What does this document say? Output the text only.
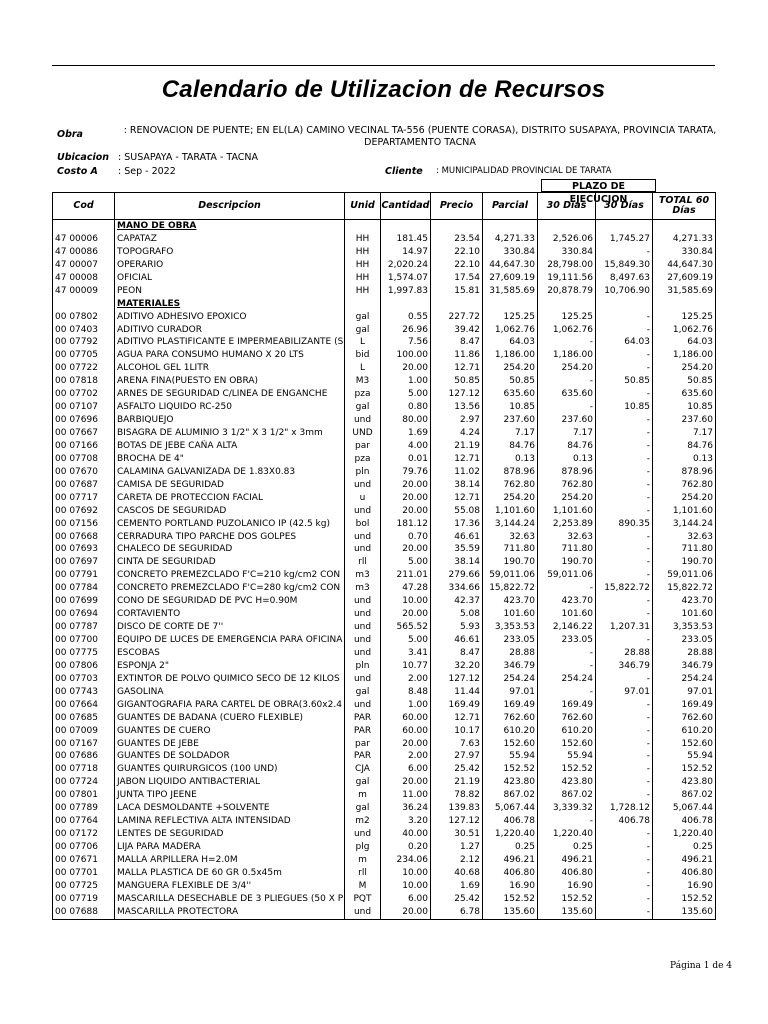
Calendario de Utilizacion de Recursos
Obra	: RENOVACION DE PUENTE; EN EL(LA) CAMINO VECINAL TA-556 (PUENTE CORASA), DISTRITO SUSAPAYA, PROVINCIA TARATA, DEPARTAMENTO TACNA
Ubicacion : SUSAPAYA - TARATA - TACNA
Costo A : Sep - 2022	Cliente : MUNICIPALIDAD PROVINCIAL DE TARATA
PLAZO DE EJECUCION
Cod	Descripcion	Unid	Cantidad	Precio	Parcial	30 Días	30 Días	TOTAL 60 Días
	MANO DE OBRA							
47 00006	CAPATAZ	HH	181.45	23.54	4,271.33	2,526.06	1,745.27	4,271.33
47 00086	TOPOGRAFO	HH	14.97	22.10	330.84	330.84	-	330.84
47 00007	OPERARIO	HH	2,020.24	22.10	44,647.30	28,798.00	15,849.30	44,647.30
47 00008	OFICIAL	HH	1,574.07	17.54	27,609.19	19,111.56	8,497.63	27,609.19
47 00009	PEON	HH	1,997.83	15.81	31,585.69	20,878.79	10,706.90	31,585.69
	MATERIALES							
00 07802	ADITIVO ADHESIVO EPOXICO	gal	0.55	227.72	125.25	125.25	-	125.25
00 07403	ADITIVO CURADOR	gal	26.96	39.42	1,062.76	1,062.76	-	1,062.76
00 07792	ADITIVO PLASTIFICANTE E IMPERMEABILIZANTE (S	L	7.56	8.47	64.03	-	64.03	64.03
00 07705	AGUA PARA CONSUMO HUMANO X 20 LTS	bid	100.00	11.86	1,186.00	1,186.00	-	1,186.00
00 07722	ALCOHOL GEL 1LITR	L	20.00	12.71	254.20	254.20	-	254.20
00 07818	ARENA FINA(PUESTO EN OBRA)	M3	1.00	50.85	50.85	-	50.85	50.85
00 07702	ARNES DE SEGURIDAD C/LINEA DE ENGANCHE	pza	5.00	127.12	635.60	635.60	-	635.60
00 07107	ASFALTO LIQUIDO RC-250	gal	0.80	13.56	10.85	-	10.85	10.85
00 07696	BARBIQUEJO	und	80.00	2.97	237.60	237.60	-	237.60
00 07667	BISAGRA DE ALUMINIO 3 1/2" X 3 1/2" x 3mm	UND	1.69	4.24	7.17	7.17	-	7.17
00 07166	BOTAS DE JEBE CAÑA ALTA	par	4.00	21.19	84.76	84.76	-	84.76
00 07708	BROCHA DE 4"	pza	0.01	12.71	0.13	0.13	-	0.13
00 07670	CALAMINA GALVANIZADA DE 1.83X0.83	pln	79.76	11.02	878.96	878.96	-	878.96
00 07687	CAMISA DE SEGURIDAD	und	20.00	38.14	762.80	762.80	-	762.80
00 07717	CARETA DE PROTECCION FACIAL	u	20.00	12.71	254.20	254.20	-	254.20
00 07692	CASCOS DE SEGURIDAD	und	20.00	55.08	1,101.60	1,101.60	-	1,101.60
00 07156	CEMENTO PORTLAND PUZOLANICO IP (42.5 kg)	bol	181.12	17.36	3,144.24	2,253.89	890.35	3,144.24
00 07668	CERRADURA TIPO PARCHE DOS GOLPES	und	0.70	46.61	32.63	32.63	-	32.63
00 07693	CHALECO DE SEGURIDAD	und	20.00	35.59	711.80	711.80	-	711.80
00 07697	CINTA DE SEGURIDAD	rll	5.00	38.14	190.70	190.70	-	190.70
00 07791	CONCRETO PREMEZCLADO F'C=210 kg/cm2 CON	m3	211.01	279.66	59,011.06	59,011.06	-	59,011.06
00 07784	CONCRETO PREMEZCLADO F'C=280 kg/cm2 CON	m3	47.28	334.66	15,822.72	-	15,822.72	15,822.72
00 07699	CONO DE SEGURIDAD DE PVC H=0.90M	und	10.00	42.37	423.70	423.70	-	423.70
00 07694	CORTAVIENTO	und	20.00	5.08	101.60	101.60	-	101.60
00 07787	DISCO DE CORTE DE 7''	und	565.52	5.93	3,353.53	2,146.22	1,207.31	3,353.53
00 07700	EQUIPO DE LUCES DE EMERGENCIA PARA OFICINA	und	5.00	46.61	233.05	233.05	-	233.05
00 07775	ESCOBAS	und	3.41	8.47	28.88	-	28.88	28.88
00 07806	ESPONJA 2"	pln	10.77	32.20	346.79	-	346.79	346.79
00 07703	EXTINTOR DE POLVO QUIMICO SECO DE 12 KILOS	und	2.00	127.12	254.24	254.24	-	254.24
00 07743	GASOLINA	gal	8.48	11.44	97.01	-	97.01	97.01
00 07664	GIGANTOGRAFIA PARA CARTEL DE OBRA(3.60x2.4	und	1.00	169.49	169.49	169.49	-	169.49
00 07685	GUANTES DE BADANA (CUERO FLEXIBLE)	PAR	60.00	12.71	762.60	762.60	-	762.60
00 07009	GUANTES DE CUERO	PAR	60.00	10.17	610.20	610.20	-	610.20
00 07167	GUANTES DE JEBE	par	20.00	7.63	152.60	152.60	-	152.60
00 07686	GUANTES DE SOLDADOR	PAR	2.00	27.97	55.94	55.94	-	55.94
00 07718	GUANTES QUIRURGICOS (100 UND)	CJA	6.00	25.42	152.52	152.52	-	152.52
00 07724	JABON LIQUIDO ANTIBACTERIAL	gal	20.00	21.19	423.80	423.80	-	423.80
00 07801	JUNTA TIPO JEENE	m	11.00	78.82	867.02	867.02	-	867.02
00 07789	LACA DESMOLDANTE +SOLVENTE	gal	36.24	139.83	5,067.44	3,339.32	1,728.12	5,067.44
00 07764	LAMINA REFLECTIVA ALTA INTENSIDAD	m2	3.20	127.12	406.78	-	406.78	406.78
00 07172	LENTES DE SEGURIDAD	und	40.00	30.51	1,220.40	1,220.40	-	1,220.40
00 07706	LIJA PARA MADERA	plg	0.20	1.27	0.25	0.25	-	0.25
00 07671	MALLA ARPILLERA H=2.0M	m	234.06	2.12	496.21	496.21	-	496.21
00 07701	MALLA PLASTICA DE 60 GR 0.5x45m	rll	10.00	40.68	406.80	406.80	-	406.80
00 07725	MANGUERA FLEXIBLE DE 3/4''	M	10.00	1.69	16.90	16.90	-	16.90
00 07719	MASCARILLA DESECHABLE DE 3 PLIEGUES (50 X P	PQT	6.00	25.42	152.52	152.52	-	152.52
00 07688	MASCARILLA PROTECTORA	und	20.00	6.78	135.60	135.60	-	135.60
Página 1 de 4
